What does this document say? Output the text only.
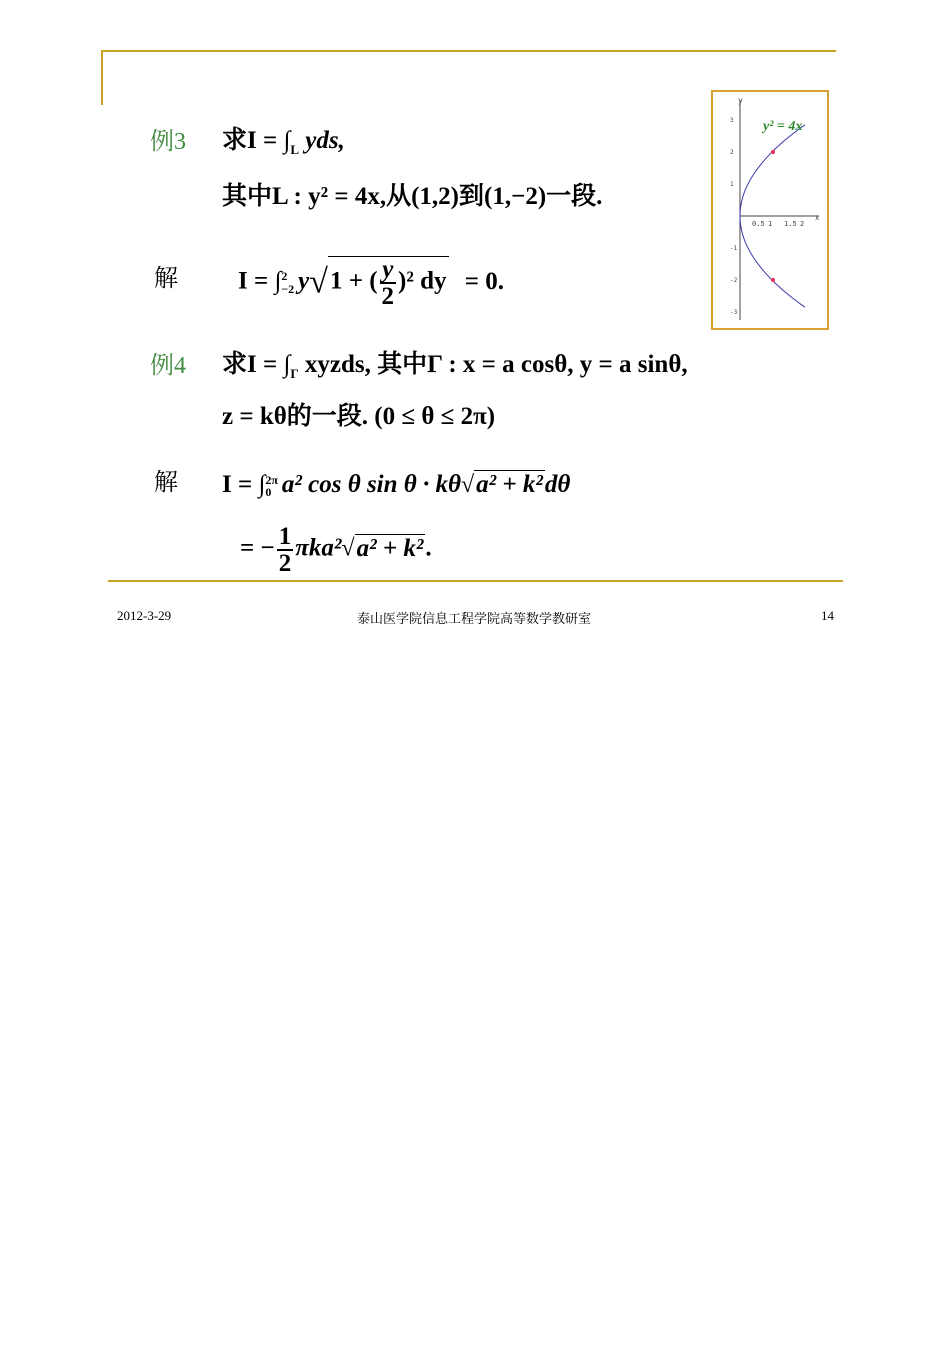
例3 求$I = \int_L$ yds,
其中L : y² = 4x,从(1,2)到(1,−2)一段.
解 I = ∫ 2
−2 y√1 + ( $\frac{y}{2} )^2$ dy = 0.
y
x
3
2
1
-1
-2
-3
0.5 1 1.5 2
y² = 4x
例4 求$I = \int_\Gamma$ xyzds, 其中Γ : x = a cosθ, y = a sinθ,
z = kθ的一段. (0 ≤ θ ≤ 2π)
解 I = ∫ 2π
0 a² cos θ sin θ · kθ√a² + k²dθ
= − $\frac{1}{2} \pi ka^2√a^2 + k^2$.
2012-3-29	泰山医学院信息工程学院高等数学教研室	14
